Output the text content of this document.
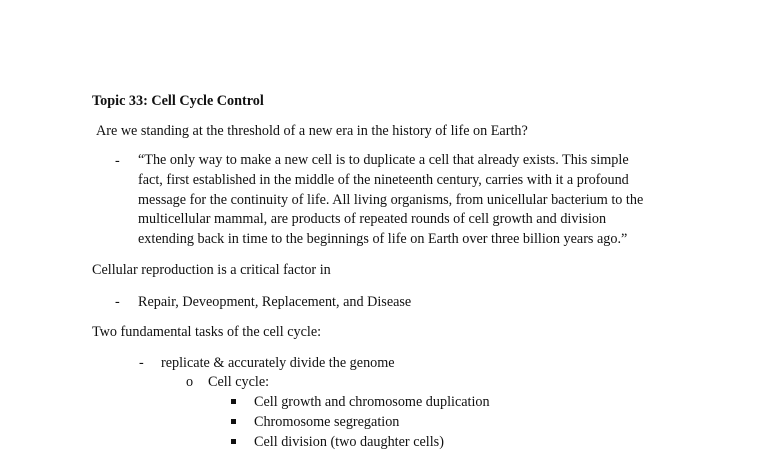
Topic 33: Cell Cycle Control
Are we standing at the threshold of a new era in the history of life on Earth?
- “The only way to make a new cell is to duplicate a cell that already exists. This simple
fact, first established in the middle of the nineteenth century, carries with it a profound
message for the continuity of life. All living organisms, from unicellular bacterium to the
multicellular mammal, are products of repeated rounds of cell growth and division
extending back in time to the beginnings of life on Earth over three billion years ago.”
Cellular reproduction is a critical factor in
- Repair, Deveopment, Replacement, and Disease
Two fundamental tasks of the cell cycle:
- replicate & accurately divide the genome
o Cell cycle:
Cell growth and chromosome duplication
Chromosome segregation
Cell division (two daughter cells)
